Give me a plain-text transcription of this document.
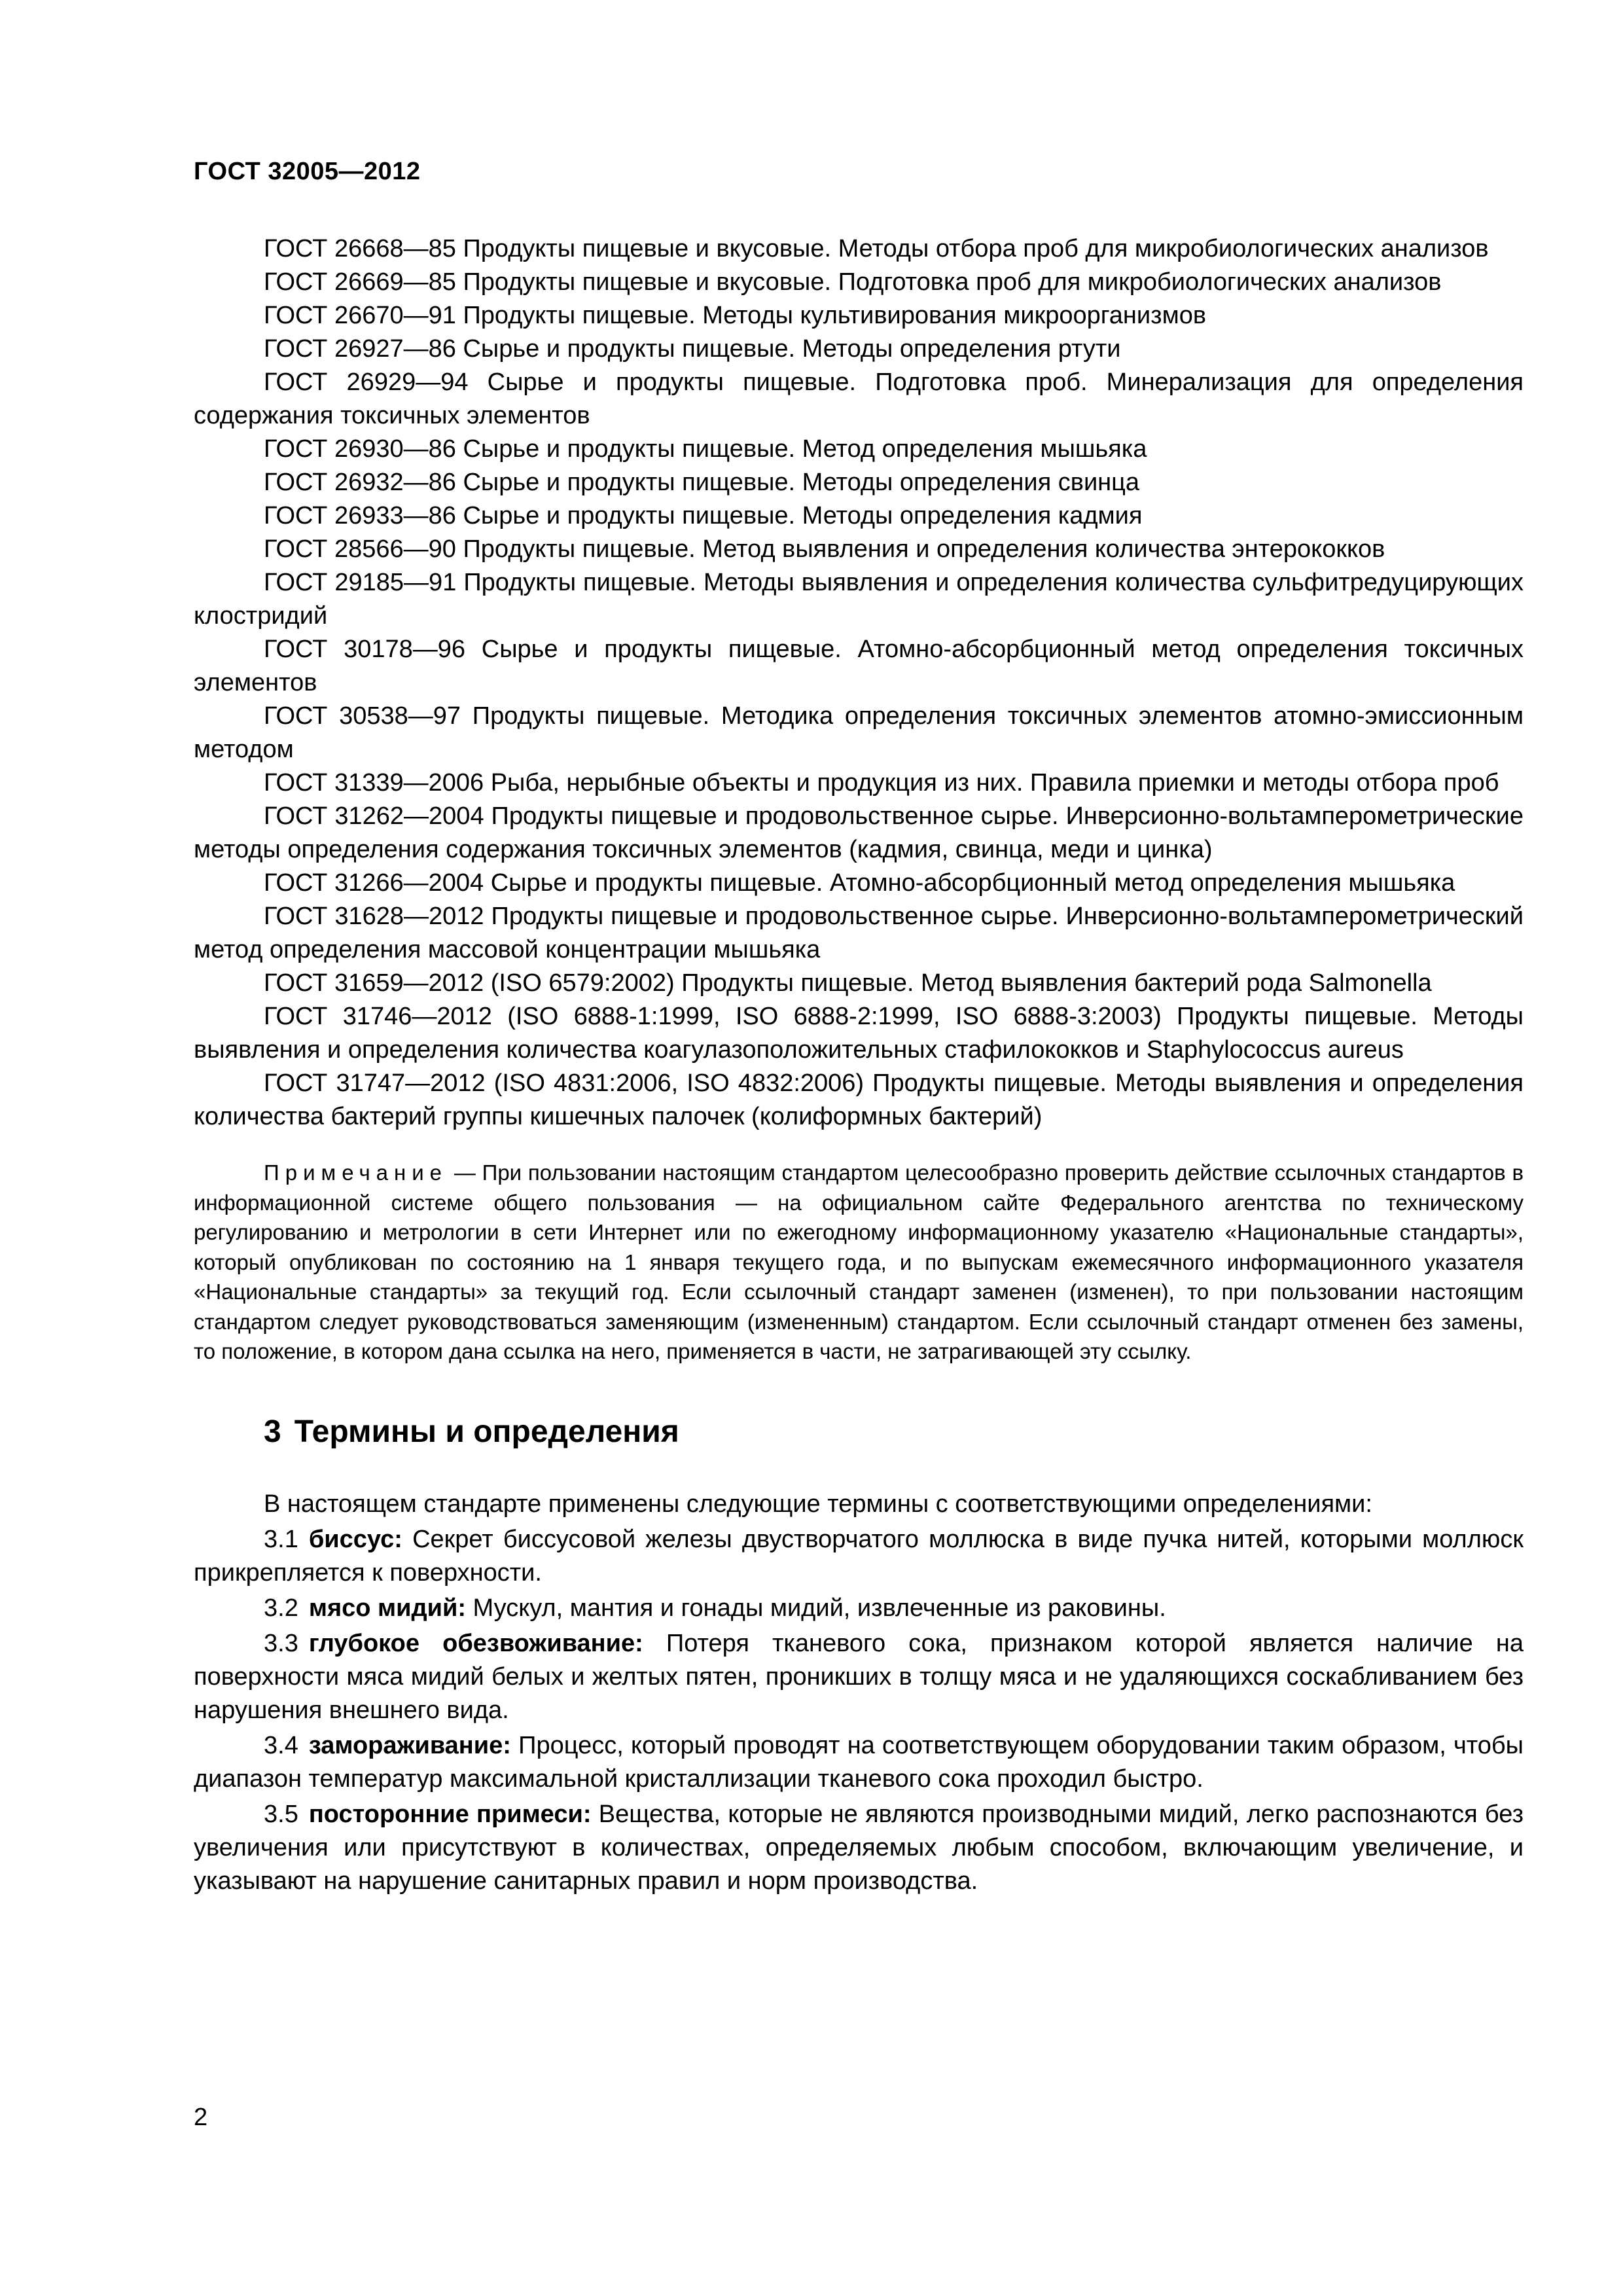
ГОСТ 32005—2012

ГОСТ 26668—85 Продукты пищевые и вкусовые. Методы отбора проб для микробиологических анализов

ГОСТ 26669—85 Продукты пищевые и вкусовые. Подготовка проб для микробиологических анализов

ГОСТ 26670—91 Продукты пищевые. Методы культивирования микроорганизмов

ГОСТ 26927—86 Сырье и продукты пищевые. Методы определения ртути

ГОСТ 26929—94 Сырье и продукты пищевые. Подготовка проб. Минерализация для определения содержания токсичных элементов

ГОСТ 26930—86 Сырье и продукты пищевые. Метод определения мышьяка

ГОСТ 26932—86 Сырье и продукты пищевые. Методы определения свинца

ГОСТ 26933—86 Сырье и продукты пищевые. Методы определения кадмия

ГОСТ 28566—90 Продукты пищевые. Метод выявления и определения количества энтерококков

ГОСТ 29185—91 Продукты пищевые. Методы выявления и определения количества сульфитредуцирующих клостридий

ГОСТ 30178—96 Сырье и продукты пищевые. Атомно-абсорбционный метод определения токсичных элементов

ГОСТ 30538—97 Продукты пищевые. Методика определения токсичных элементов атомно-эмиссионным методом

ГОСТ 31339—2006 Рыба, нерыбные объекты и продукция из них. Правила приемки и методы отбора проб

ГОСТ 31262—2004 Продукты пищевые и продовольственное сырье. Инверсионно-вольтамперометрические методы определения содержания токсичных элементов (кадмия, свинца, меди и цинка)

ГОСТ 31266—2004 Сырье и продукты пищевые. Атомно-абсорбционный метод определения мышьяка

ГОСТ 31628—2012 Продукты пищевые и продовольственное сырье. Инверсионно-вольтамперометрический метод определения массовой концентрации мышьяка

ГОСТ 31659—2012 (ISO 6579:2002) Продукты пищевые. Метод выявления бактерий рода Salmonella

ГОСТ 31746—2012 (ISO 6888-1:1999, ISO 6888-2:1999, ISO 6888-3:2003) Продукты пищевые. Методы выявления и определения количества коагулазоположительных стафилококков и Staphylococcus aureus

ГОСТ 31747—2012 (ISO 4831:2006, ISO 4832:2006) Продукты пищевые. Методы выявления и определения количества бактерий группы кишечных палочек (колиформных бактерий)

Примечание — При пользовании настоящим стандартом целесообразно проверить действие ссылочных стандартов в информационной системе общего пользования — на официальном сайте Федерального агентства по техническому регулированию и метрологии в сети Интернет или по ежегодному информационному указателю «Национальные стандарты», который опубликован по состоянию на 1 января текущего года, и по выпускам ежемесячного информационного указателя «Национальные стандарты» за текущий год. Если ссылочный стандарт заменен (изменен), то при пользовании настоящим стандартом следует руководствоваться заменяющим (измененным) стандартом. Если ссылочный стандарт отменен без замены, то положение, в котором дана ссылка на него, применяется в части, не затрагивающей эту ссылку.
3 Термины и определения

В настоящем стандарте применены следующие термины с соответствующими определениями:

3.1 биссус: Секрет биссусовой железы двустворчатого моллюска в виде пучка нитей, которыми моллюск прикрепляется к поверхности.

3.2 мясо мидий: Мускул, мантия и гонады мидий, извлеченные из раковины.

3.3 глубокое обезвоживание: Потеря тканевого сока, признаком которой является наличие на поверхности мяса мидий белых и желтых пятен, проникших в толщу мяса и не удаляющихся соскабливанием без нарушения внешнего вида.

3.4 замораживание: Процесс, который проводят на соответствующем оборудовании таким образом, чтобы диапазон температур максимальной кристаллизации тканевого сока проходил быстро.

3.5 посторонние примеси: Вещества, которые не являются производными мидий, легко распознаются без увеличения или присутствуют в количествах, определяемых любым способом, включающим увеличение, и указывают на нарушение санитарных правил и норм производства.

2
